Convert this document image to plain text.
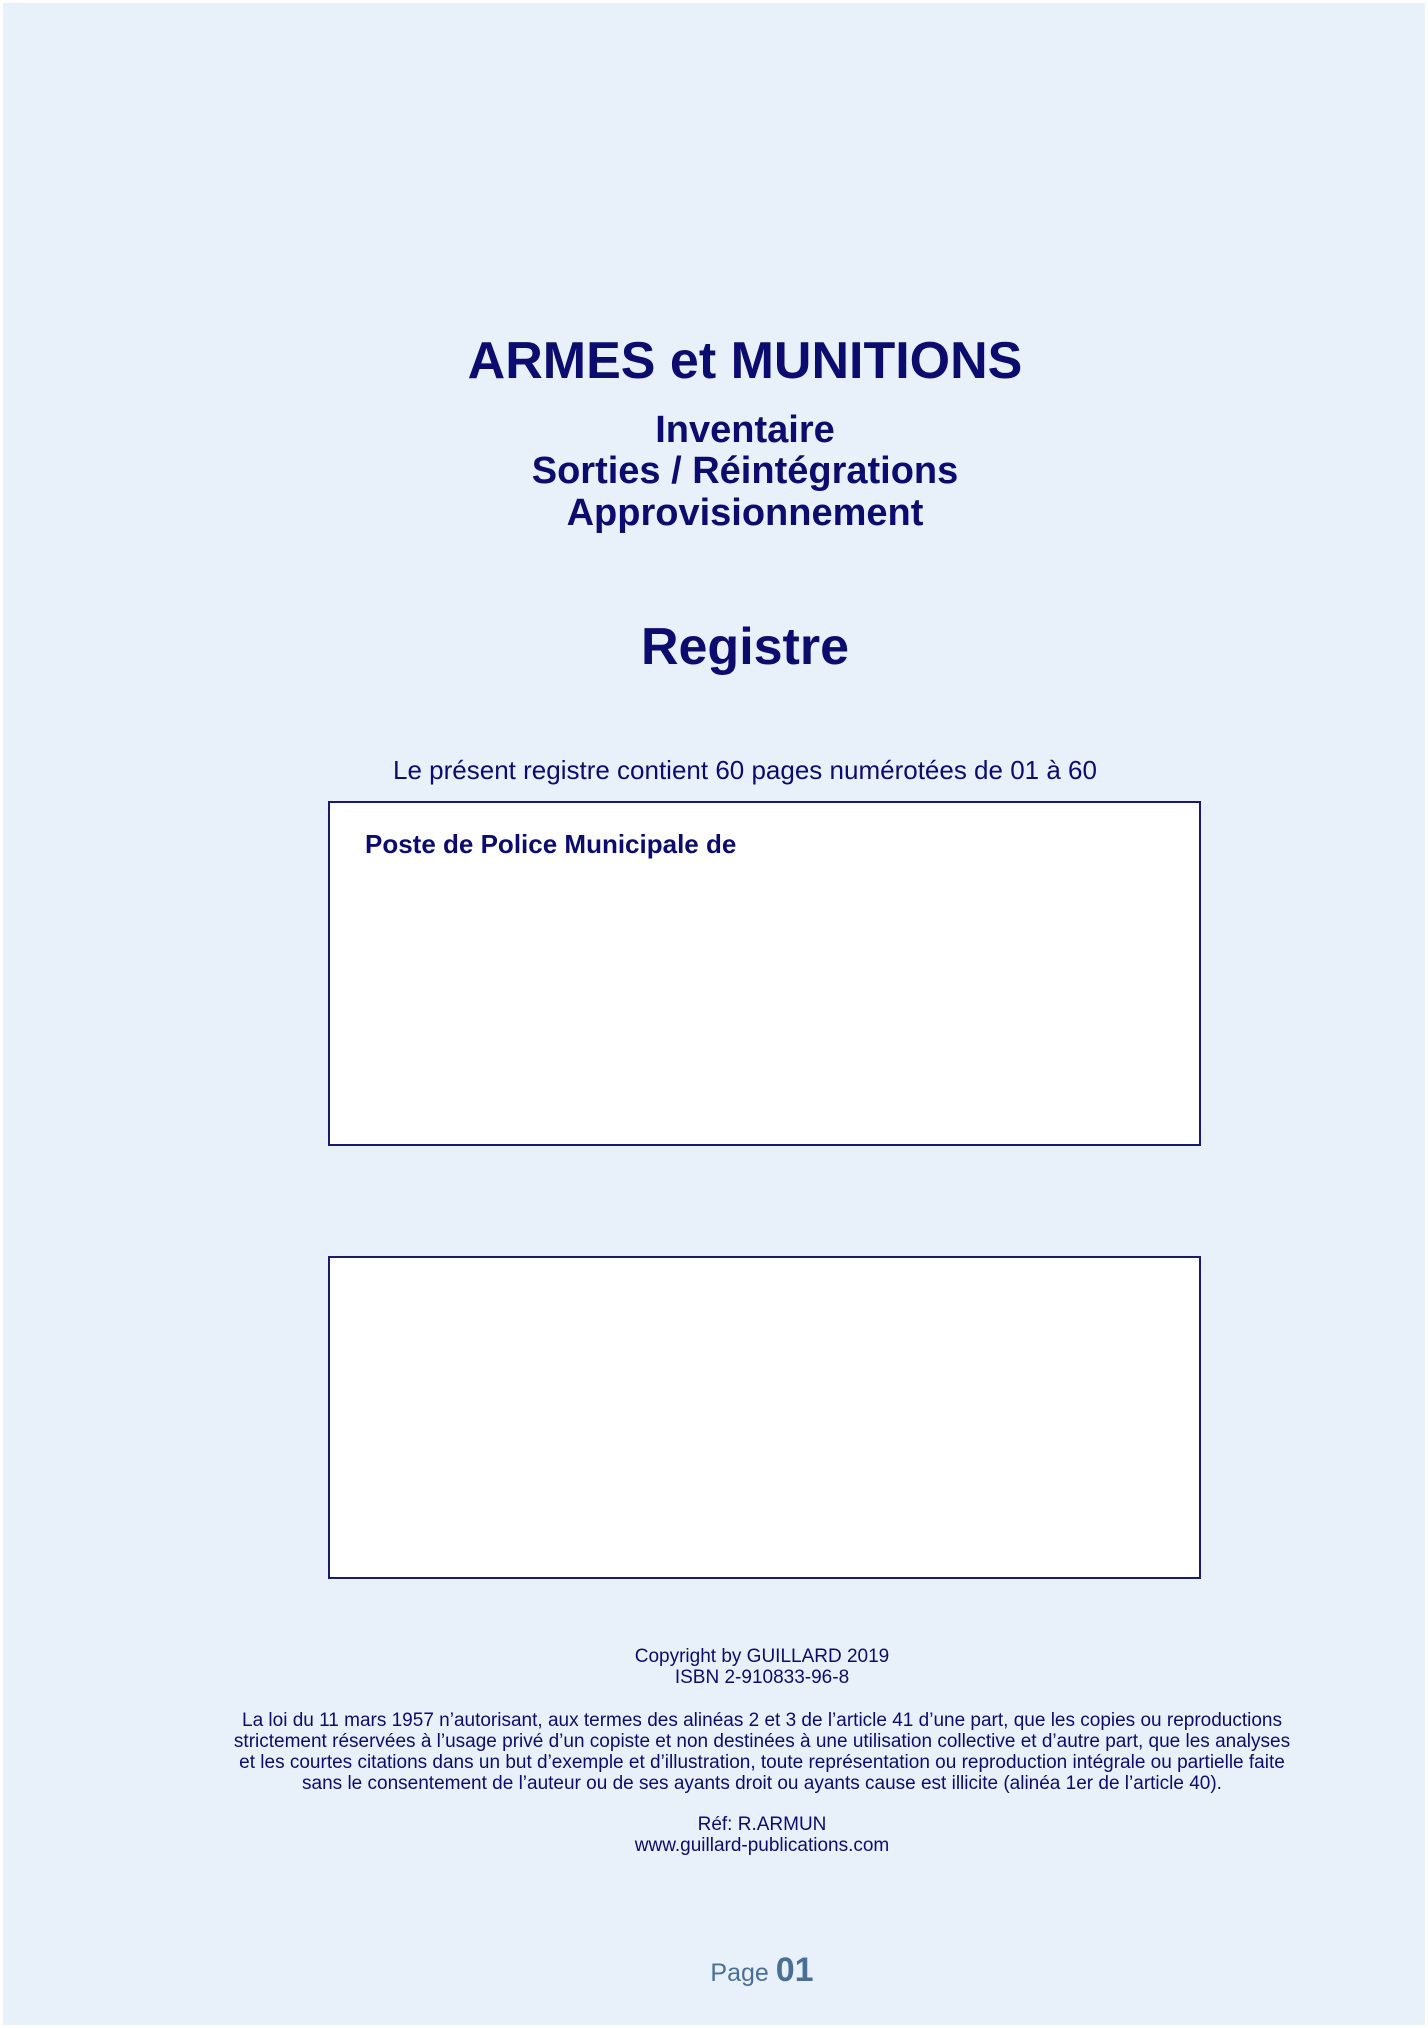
ARMES et MUNITIONS
Inventaire
Sorties / Réintégrations
Approvisionnement
Registre
Le présent registre contient 60 pages numérotées de 01 à 60
Poste de Police Municipale de
Copyright by GUILLARD 2019
ISBN 2-910833-96-8
La loi du 11 mars 1957 n’autorisant, aux termes des alinéas 2 et 3 de l’article 41 d’une part, que les copies ou reproductions
strictement réservées à l’usage privé d’un copiste et non destinées à une utilisation collective et d’autre part, que les analyses
et les courtes citations dans un but d’exemple et d’illustration, toute représentation ou reproduction intégrale ou partielle faite
sans le consentement de l’auteur ou de ses ayants droit ou ayants cause est illicite (alinéa 1er de l’article 40).
Réf: R.ARMUN
www.guillard-publications.com
Page 01
